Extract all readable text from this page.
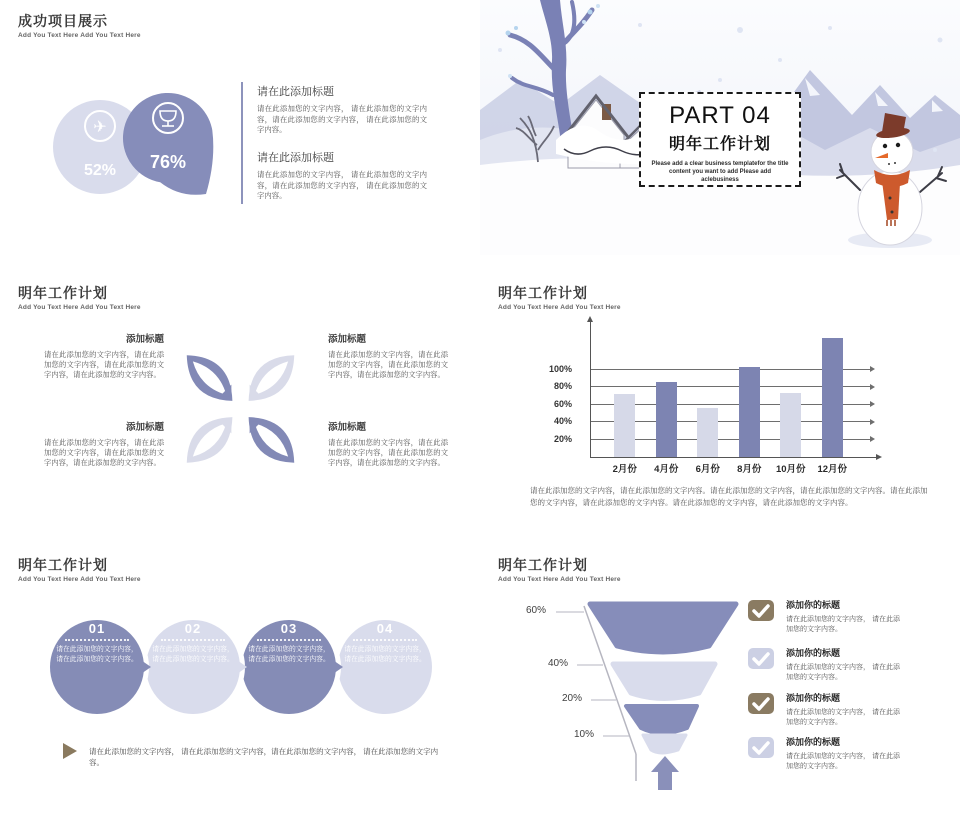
成功项目展示
Add You Text Here Add You Text Here
✈
52% 76%
请在此添加标题
请在此添加您的文字内容， 请在此添加您的文字内容，请在此添加您的文字内容， 请在此添加您的文字内容。
请在此添加标题
请在此添加您的文字内容， 请在此添加您的文字内容，请在此添加您的文字内容， 请在此添加您的文字内容。
PART 04
明年工作计划
Please add a clear business templatefor the title content you want to add Please add aclebusiness
明年工作计划
Add You Text Here Add You Text Here
添加标题
请在此添加您的文字内容，请在此添加您的文字内容，请在此添加您的文字内容，请在此添加您的文字内容。
添加标题
请在此添加您的文字内容，请在此添加您的文字内容，请在此添加您的文字内容，请在此添加您的文字内容。
添加标题
请在此添加您的文字内容，请在此添加您的文字内容，请在此添加您的文字内容，请在此添加您的文字内容。
添加标题
请在此添加您的文字内容，请在此添加您的文字内容，请在此添加您的文字内容，请在此添加您的文字内容。
明年工作计划
Add You Text Here Add You Text Here
20%
40%
60%
80%
100%
2月份 4月份 6月份 8月份 10月份 12月份
请在此添加您的文字内容，请在此添加您的文字内容。请在此添加您的文字内容，请在此添加您的文字内容。请在此添加您的文字内容，请在此添加您的文字内容。请在此添加您的文字内容，请在此添加您的文字内容。
明年工作计划
Add You Text Here Add You Text Here
01
请在此添加您的文字内容， 请在此添加您的文字内容。
02
请在此添加您的文字内容， 请在此添加您的文字内容。
03
请在此添加您的文字内容， 请在此添加您的文字内容。
04
请在此添加您的文字内容， 请在此添加您的文字内容。
请在此添加您的文字内容， 请在此添加您的文字内容，请在此添加您的文字内容， 请在此添加您的文字内容。
明年工作计划
Add You Text Here Add You Text Here
60%
40%
20%
10%
添加你的标题
请在此添加您的文字内容， 请在此添加您的文字内容。
添加你的标题
请在此添加您的文字内容， 请在此添加您的文字内容。
添加你的标题
请在此添加您的文字内容， 请在此添加您的文字内容。
添加你的标题
请在此添加您的文字内容， 请在此添加您的文字内容。
